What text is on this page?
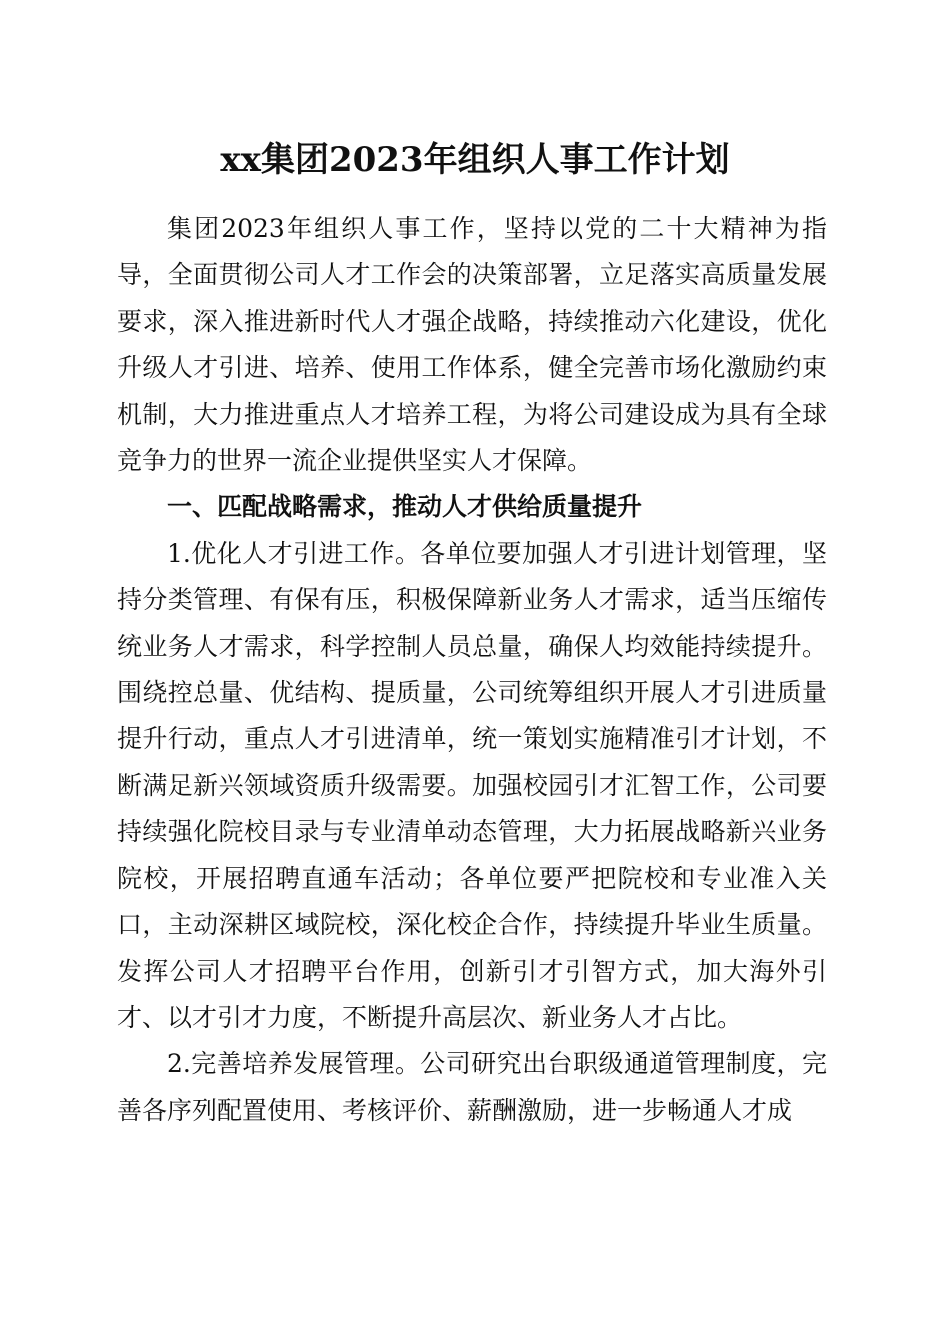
xx集团2023年组织人事工作计划

集团2023年组织人事工作，坚持以党的二十大精神为指导，全面贯彻公司人才工作会的决策部署，立足落实高质量发展要求，深入推进新时代人才强企战略，持续推动六化建设，优化升级人才引进、培养、使用工作体系，健全完善市场化激励约束机制，大力推进重点人才培养工程，为将公司建设成为具有全球竞争力的世界一流企业提供坚实人才保障。

一、匹配战略需求，推动人才供给质量提升

1.优化人才引进工作。各单位要加强人才引进计划管理，坚持分类管理、有保有压，积极保障新业务人才需求，适当压缩传统业务人才需求，科学控制人员总量，确保人均效能持续提升。围绕控总量、优结构、提质量，公司统筹组织开展人才引进质量提升行动，重点人才引进清单，统一策划实施精准引才计划，不断满足新兴领域资质升级需要。加强校园引才汇智工作，公司要持续强化院校目录与专业清单动态管理，大力拓展战略新兴业务院校，开展招聘直通车活动；各单位要严把院校和专业准入关口，主动深耕区域院校，深化校企合作，持续提升毕业生质量。发挥公司人才招聘平台作用，创新引才引智方式，加大海外引才、以才引才力度，不断提升高层次、新业务人才占比。

2.完善培养发展管理。公司研究出台职级通道管理制度，完善各序列配置使用、考核评价、薪酬激励，进一步畅通人才成
